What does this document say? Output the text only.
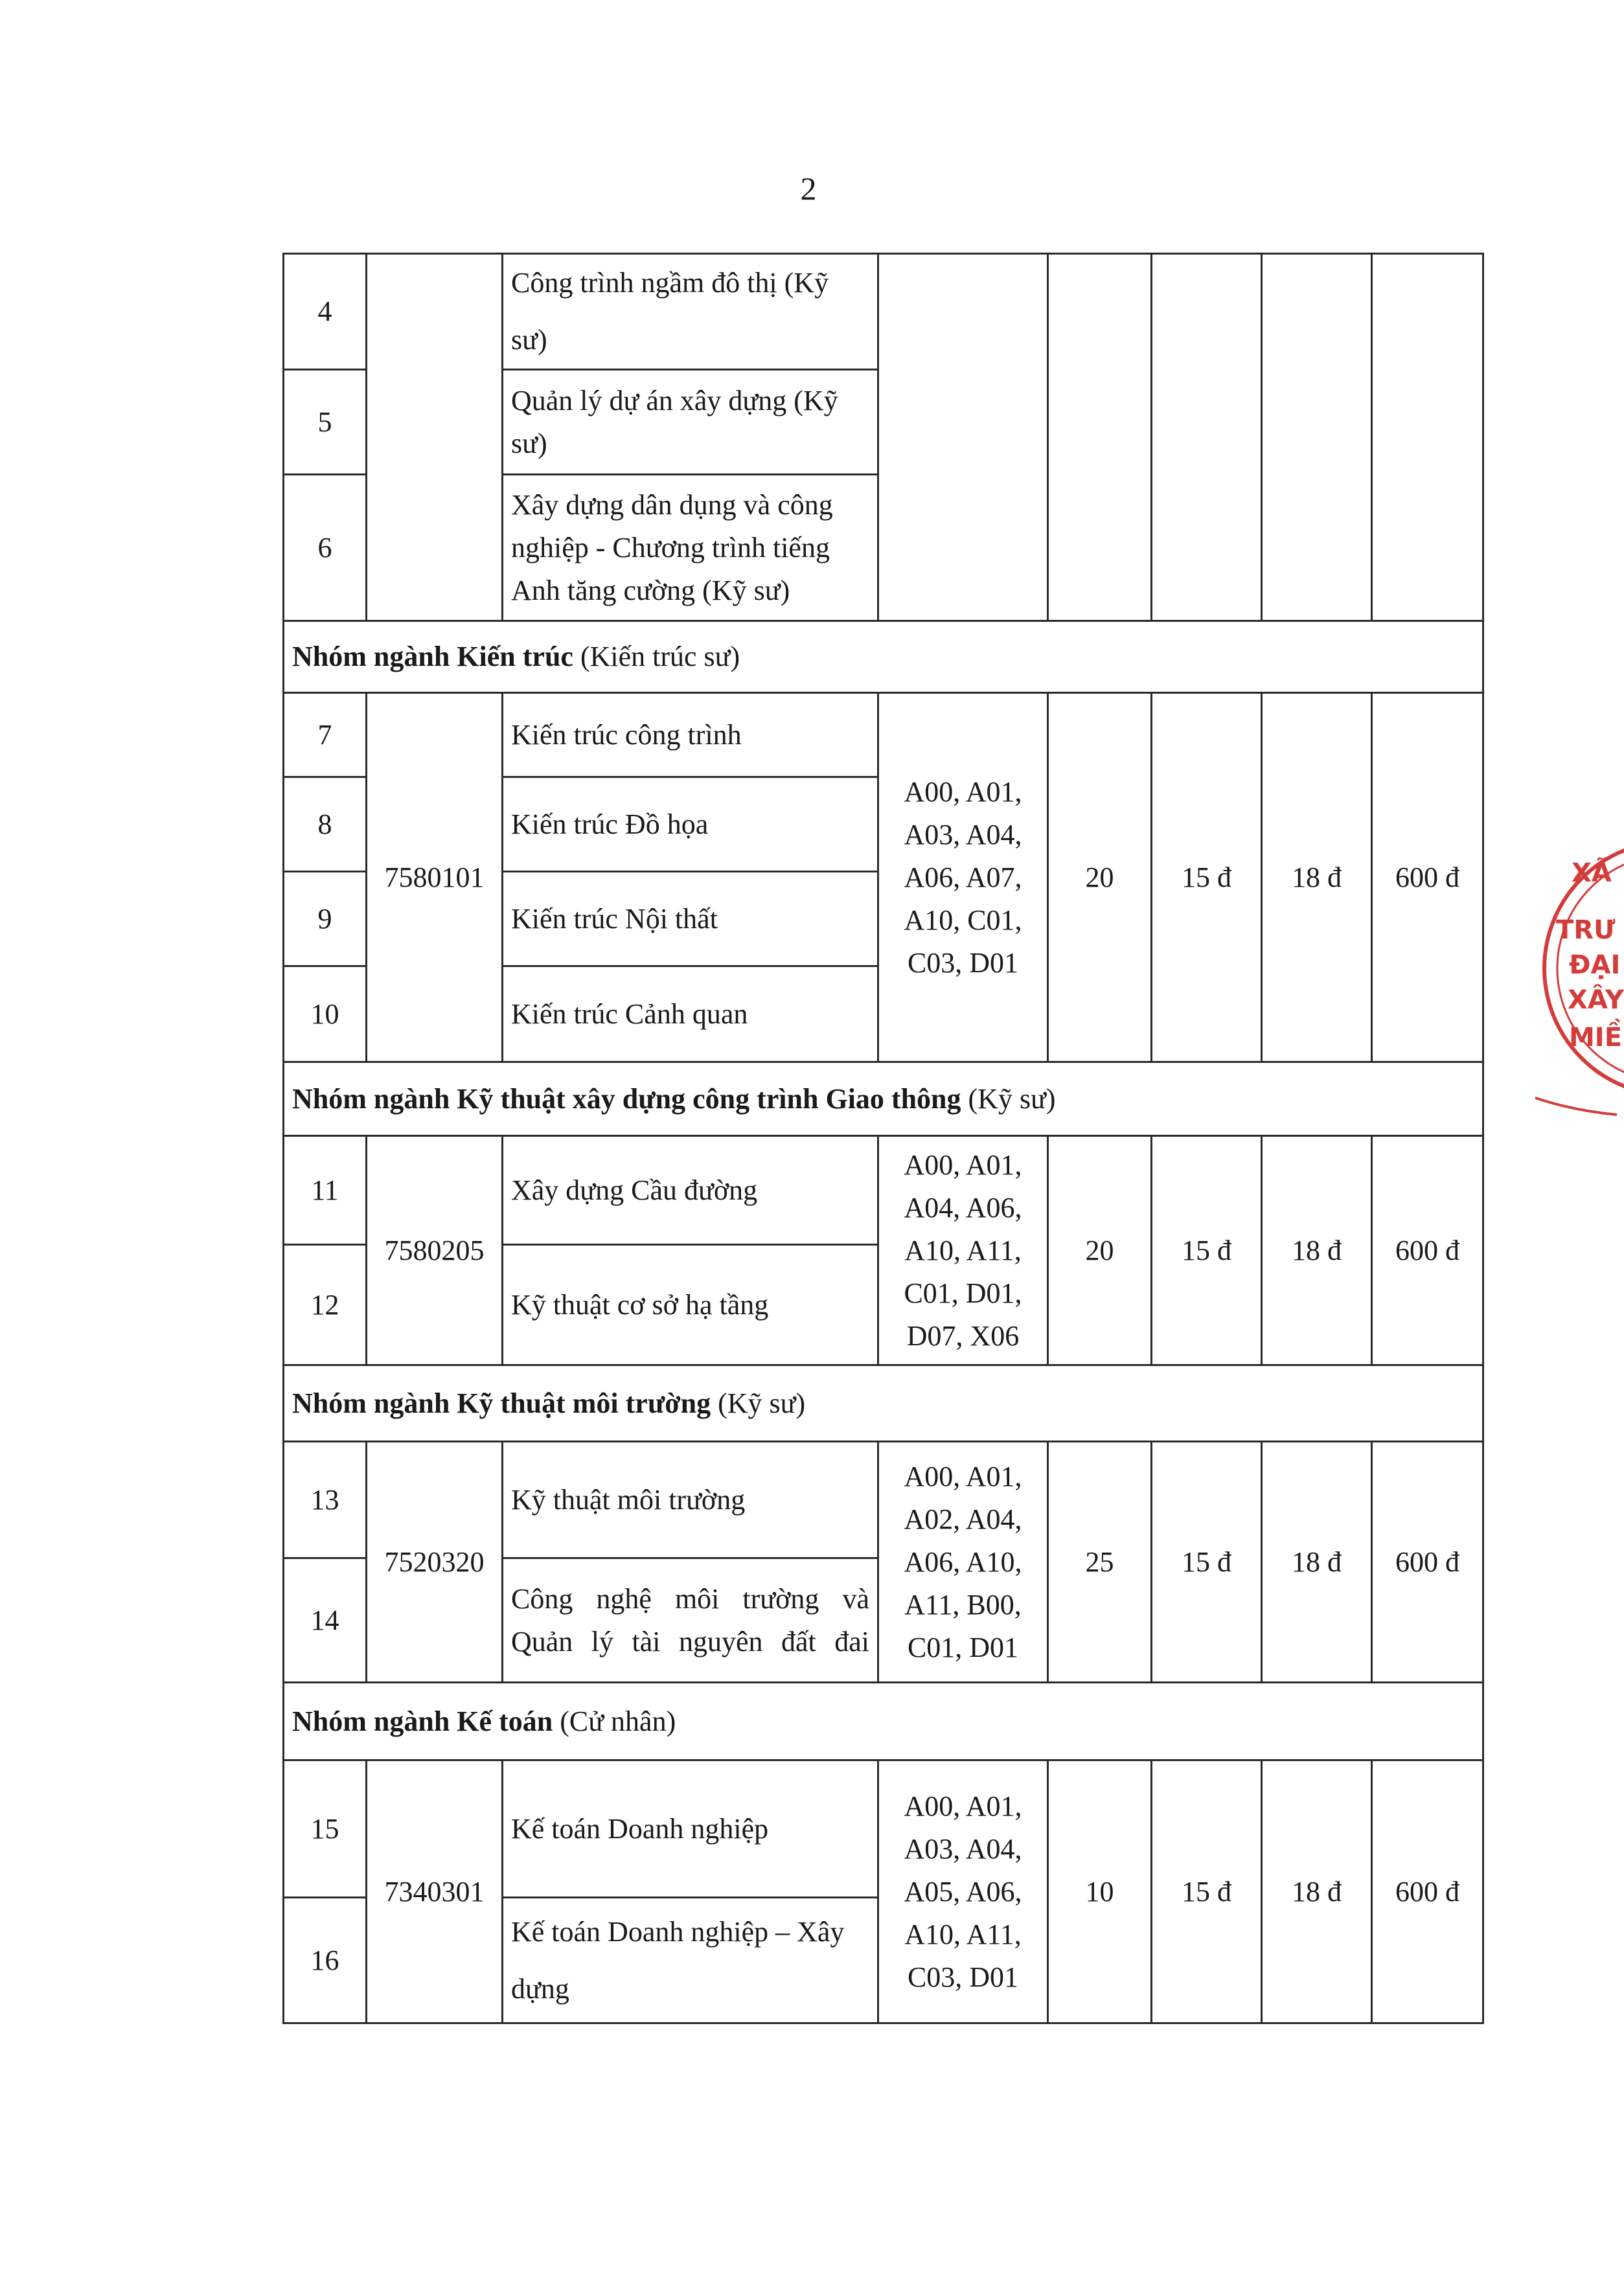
2
4		Công trình ngầm đô thị (Kỹ sư)					
5		Quản lý dự án xây dựng (Kỹ sư)					
6		Xây dựng dân dụng và công nghiệp - Chương trình tiếng Anh tăng cường (Kỹ sư)					
Nhóm ngành Kiến trúc (Kiến trúc sư)							
7	7580101	Kiến trúc công trình	A00, A01, A03, A04, A06, A07, A10, C01, C03, D01	20	15 đ	18 đ	600 đ
8		Kiến trúc Đồ họa					
9		Kiến trúc Nội thất					
10		Kiến trúc Cảnh quan					
Nhóm ngành Kỹ thuật xây dựng công trình Giao thông (Kỹ sư)							
11	7580205	Xây dựng Cầu đường	A00, A01, A04, A06, A10, A11, C01, D01, D07, X06	20	15 đ	18 đ	600 đ
12		Kỹ thuật cơ sở hạ tầng					
Nhóm ngành Kỹ thuật môi trường (Kỹ sư)							
13	7520320	Kỹ thuật môi trường	A00, A01, A02, A04, A06, A10, A11, B00, C01, D01	25	15 đ	18 đ	600 đ
14		Công nghệ môi trường và Quản lý tài nguyên đất đai					
Nhóm ngành Kế toán (Cử nhân)							
15	7340301	Kế toán Doanh nghiệp	A00, A01, A03, A04, A05, A06, A10, A11, C03, D01	10	15 đ	18 đ	600 đ
16		Kế toán Doanh nghiệp – Xây dựng					
XÃ
TRƯ
ĐẠI
XÂY
MIỀ
